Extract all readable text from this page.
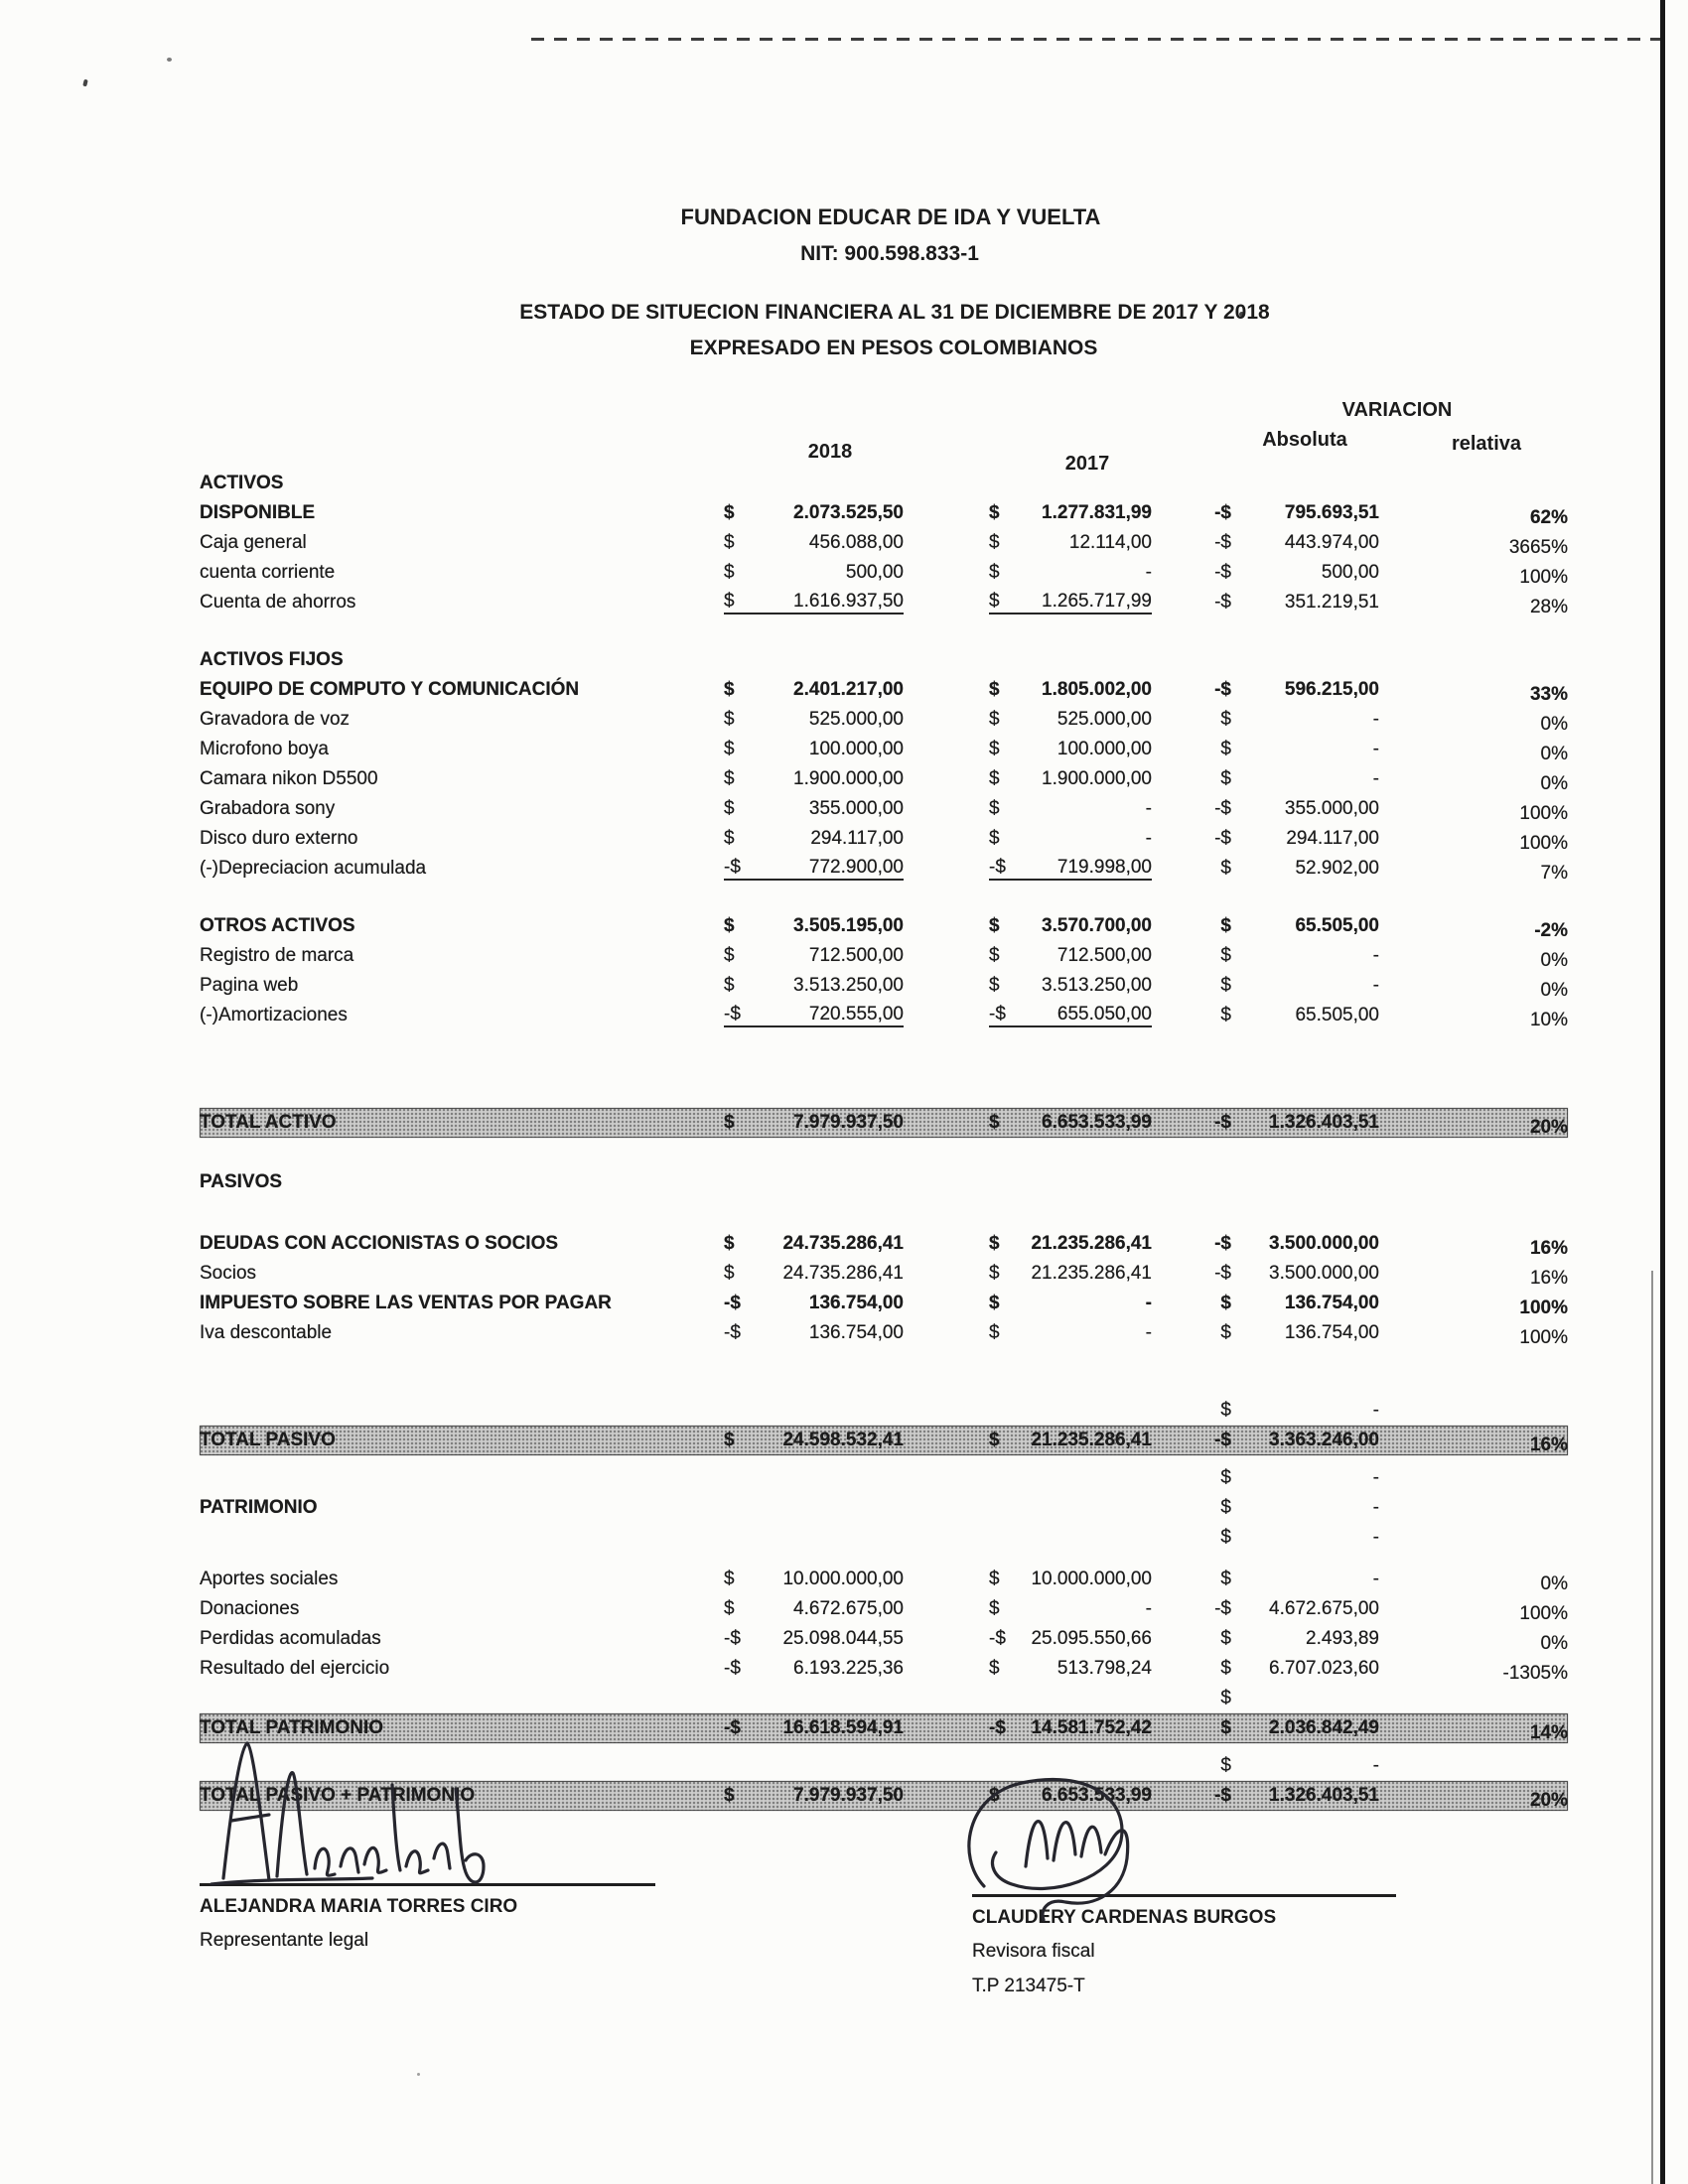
FUNDACION EDUCAR DE IDA Y VUELTA
NIT: 900.598.833-1
ESTADO DE SITUECION FINANCIERA AL 31 DE DICIEMBRE DE 2017 Y 2018
EXPRESADO EN PESOS COLOMBIANOS
VARIACION
Absoluta	relativa
2018
2017
ACTIVOS
DISPONIBLE	$	2.073.525,50	$	1.277.831,99	-$	795.693,51	62%
Caja general	$	456.088,00	$	12.114,00	-$	443.974,00	3665%
cuenta corriente	$	500,00	$	-	-$	500,00	100%
Cuenta de ahorros	$	1.616.937,50	$	1.265.717,99	-$	351.219,51	28%
ACTIVOS FIJOS
EQUIPO DE COMPUTO Y COMUNICACIÓN	$	2.401.217,00	$	1.805.002,00	-$	596.215,00	33%
Gravadora de voz	$	525.000,00	$	525.000,00	$	-	0%
Microfono boya	$	100.000,00	$	100.000,00	$	-	0%
Camara nikon D5500	$	1.900.000,00	$	1.900.000,00	$	-	0%
Grabadora sony	$	355.000,00	$	-	-$	355.000,00	100%
Disco duro externo	$	294.117,00	$	-	-$	294.117,00	100%
(-)Depreciacion acumulada	-$	772.900,00	-$	719.998,00	$	52.902,00	7%
OTROS ACTIVOS	$	3.505.195,00	$	3.570.700,00	$	65.505,00	-2%
Registro de marca	$	712.500,00	$	712.500,00	$	-	0%
Pagina web	$	3.513.250,00	$	3.513.250,00	$	-	0%
(-)Amortizaciones	-$	720.555,00	-$	655.050,00	$	65.505,00	10%
TOTAL ACTIVO	$	7.979.937,50	$	6.653.533,99	-$	1.326.403,51	20%
PASIVOS
DEUDAS CON ACCIONISTAS O SOCIOS	$	24.735.286,41	$	21.235.286,41	-$	3.500.000,00	16%
Socios	$	24.735.286,41	$	21.235.286,41	-$	3.500.000,00	16%
IMPUESTO SOBRE LAS VENTAS POR PAGAR	-$	136.754,00	$	-	$	136.754,00	100%
Iva descontable	-$	136.754,00	$	-	$	136.754,00	100%
$	-
TOTAL PASIVO	$	24.598.532,41	$	21.235.286,41	-$	3.363.246,00	16%
$	-
PATRIMONIO	$	-
$	-
Aportes sociales	$	10.000.000,00	$	10.000.000,00	$	-	0%
Donaciones	$	4.672.675,00	$	-	-$	4.672.675,00	100%
Perdidas acomuladas	-$	25.098.044,55	-$	25.095.550,66	$	2.493,89	0%
Resultado del ejercicio	-$	6.193.225,36	$	513.798,24	$	6.707.023,60	-1305%
$
TOTAL PATRIMONIO	-$	16.618.594,91	-$	14.581.752,42	$	2.036.842,49	14%
$	-
TOTAL PASIVO + PATRIMONIO	$	7.979.937,50	$	6.653.533,99	-$	1.326.403,51	20%
ALEJANDRA MARIA TORRES CIRO
Representante legal
CLAUDERY CARDENAS BURGOS
Revisora fiscal
T.P 213475-T
